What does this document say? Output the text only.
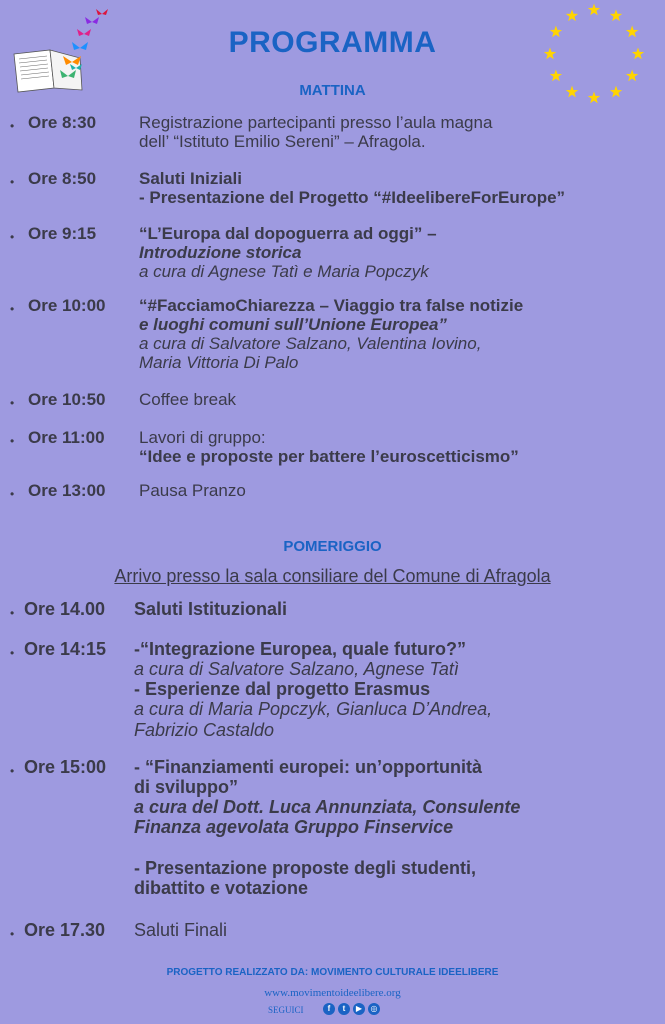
PROGRAMMA
MATTINA
• Ore 8:30	Registrazione partecipanti presso l’aula magna
dell’ “Istituto Emilio Sereni” – Afragola.
• Ore 8:50	Saluti Iniziali
- Presentazione del Progetto “#IdeelibereForEurope”
• Ore 9:15	“L’Europa dal dopoguerra ad oggi” –
Introduzione storica
a cura di Agnese Tatì e Maria Popczyk
• Ore 10:00 “#FacciamoChiarezza – Viaggio tra false notizie
e luoghi comuni sull’Unione Europea”
a cura di Salvatore Salzano, Valentina Iovino,
Maria Vittoria Di Palo
• Ore 10:50 Coffee break
• Ore 11:00 Lavori di gruppo:
“Idee e proposte per battere l’euroscetticismo”
• Ore 13:00 Pausa Pranzo
POMERIGGIO
Arrivo presso la sala consiliare del Comune di Afragola
• Ore 14.00 Saluti Istituzionali
• Ore 14:15 -“Integrazione Europea, quale futuro?”
a cura di Salvatore Salzano, Agnese Tatì
- Esperienze dal progetto Erasmus
a cura di Maria Popczyk, Gianluca D’Andrea,
Fabrizio Castaldo
• Ore 15:00 - “Finanziamenti europei: un’opportunità
di sviluppo”
a cura del Dott. Luca Annunziata, Consulente
Finanza agevolata Gruppo Finservice

- Presentazione proposte degli studenti,
dibattito e votazione
• Ore 17.30 Saluti Finali
PROGETTO REALIZZATO DA: MOVIMENTO CULTURALE IDEELIBERE
www.movimentoideelibere.org
SEGUICI	f	t	▶	◎
